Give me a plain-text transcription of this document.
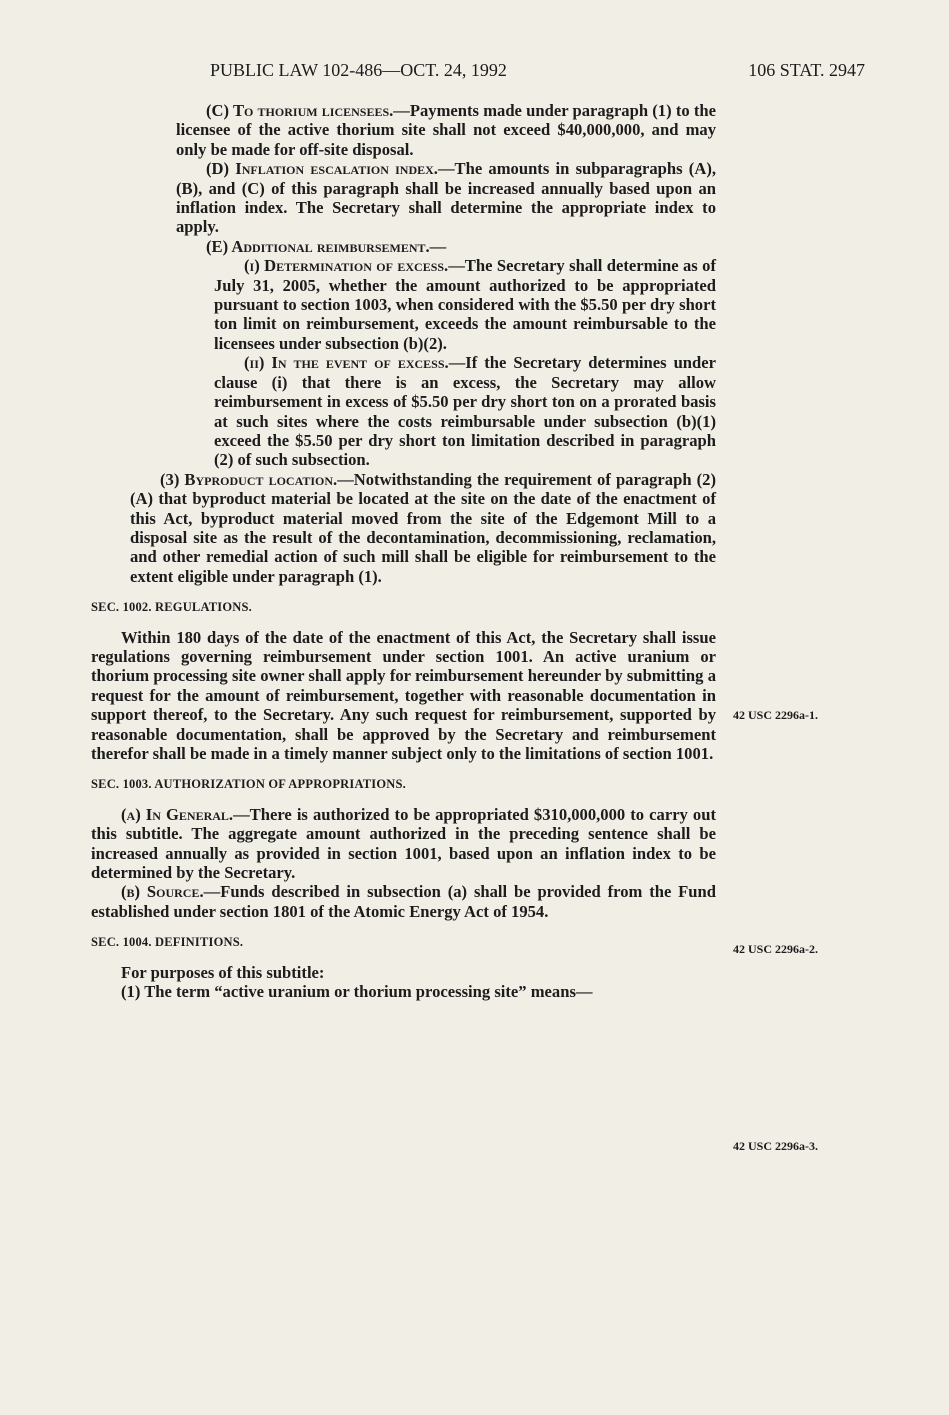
PUBLIC LAW 102-486—OCT. 24, 1992	106 STAT. 2947

(C) To thorium licensees.—Payments made under paragraph (1) to the licensee of the active thorium site shall not exceed $40,000,000, and may only be made for off-site disposal.

(D) Inflation escalation index.—The amounts in subparagraphs (A), (B), and (C) of this paragraph shall be increased annually based upon an inflation index. The Secretary shall determine the appropriate index to apply.

(E) Additional reimbursement.—

(i) Determination of excess.—The Secretary shall determine as of July 31, 2005, whether the amount authorized to be appropriated pursuant to section 1003, when considered with the $5.50 per dry short ton limit on reimbursement, exceeds the amount reimbursable to the licensees under subsection (b)(2).

(ii) In the event of excess.—If the Secretary determines under clause (i) that there is an excess, the Secretary may allow reimbursement in excess of $5.50 per dry short ton on a prorated basis at such sites where the costs reimbursable under subsection (b)(1) exceed the $5.50 per dry short ton limitation described in paragraph (2) of such subsection.

(3) Byproduct location.—Notwithstanding the requirement of paragraph (2)(A) that byproduct material be located at the site on the date of the enactment of this Act, byproduct material moved from the site of the Edgemont Mill to a disposal site as the result of the decontamination, decommissioning, reclamation, and other remedial action of such mill shall be eligible for reimbursement to the extent eligible under paragraph (1).

SEC. 1002. REGULATIONS.

Within 180 days of the date of the enactment of this Act, the Secretary shall issue regulations governing reimbursement under section 1001. An active uranium or thorium processing site owner shall apply for reimbursement hereunder by submitting a request for the amount of reimbursement, together with reasonable documentation in support thereof, to the Secretary. Any such request for reimbursement, supported by reasonable documentation, shall be approved by the Secretary and reimbursement therefor shall be made in a timely manner subject only to the limitations of section 1001.

SEC. 1003. AUTHORIZATION OF APPROPRIATIONS.

(a) In General.—There is authorized to be appropriated $310,000,000 to carry out this subtitle. The aggregate amount authorized in the preceding sentence shall be increased annually as provided in section 1001, based upon an inflation index to be determined by the Secretary.

(b) Source.—Funds described in subsection (a) shall be provided from the Fund established under section 1801 of the Atomic Energy Act of 1954.

SEC. 1004. DEFINITIONS.

For purposes of this subtitle:

(1) The term “active uranium or thorium processing site” means—

42 USC 2296a-1.
42 USC 2296a-2.
42 USC 2296a-3.
